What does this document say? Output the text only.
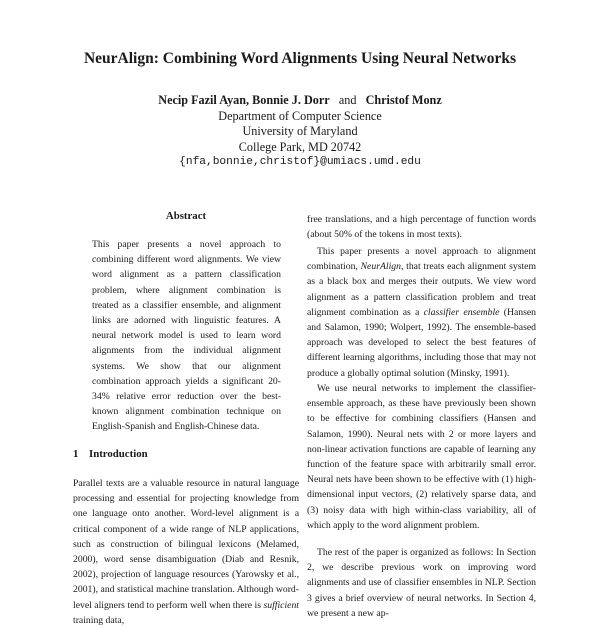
NeurAlign: Combining Word Alignments Using Neural Networks
Necip Fazil Ayan, Bonnie J. Dorr and Christof Monz
Department of Computer Science
University of Maryland
College Park, MD 20742
{nfa,bonnie,christof}@umiacs.umd.edu
Abstract

This paper presents a novel approach to combining different word alignments. We view word alignment as a pattern classification problem, where alignment combination is treated as a classifier ensemble, and alignment links are adorned with linguistic features. A neural network model is used to learn word alignments from the individual alignment systems. We show that our alignment combination approach yields a significant 20-34% relative error reduction over the best-known alignment combination technique on English-Spanish and English-Chinese data.

1 Introduction

Parallel texts are a valuable resource in natural language processing and essential for projecting knowledge from one language onto another. Word-level alignment is a critical component of a wide range of NLP applications, such as construction of bilingual lexicons (Melamed, 2000), word sense disambiguation (Diab and Resnik, 2002), projection of language resources (Yarowsky et al., 2001), and statistical machine translation. Although word-level aligners tend to perform well when there is sufficient training data,

free translations, and a high percentage of function words (about 50% of the tokens in most texts).

This paper presents a novel approach to alignment combination, NeurAlign, that treats each alignment system as a black box and merges their outputs. We view word alignment as a pattern classification problem and treat alignment combination as a classifier ensemble (Hansen and Salamon, 1990; Wolpert, 1992). The ensemble-based approach was developed to select the best features of different learning algorithms, including those that may not produce a globally optimal solution (Minsky, 1991).

We use neural networks to implement the classifier-ensemble approach, as these have previously been shown to be effective for combining classifiers (Hansen and Salamon, 1990). Neural nets with 2 or more layers and non-linear activation functions are capable of learning any function of the feature space with arbitrarily small error. Neural nets have been shown to be effective with (1) high-dimensional input vectors, (2) relatively sparse data, and (3) noisy data with high within-class variability, all of which apply to the word alignment problem.

The rest of the paper is organized as follows: In Section 2, we describe previous work on improving word alignments and use of classifier ensembles in NLP. Section 3 gives a brief overview of neural networks. In Section 4, we present a new ap-
